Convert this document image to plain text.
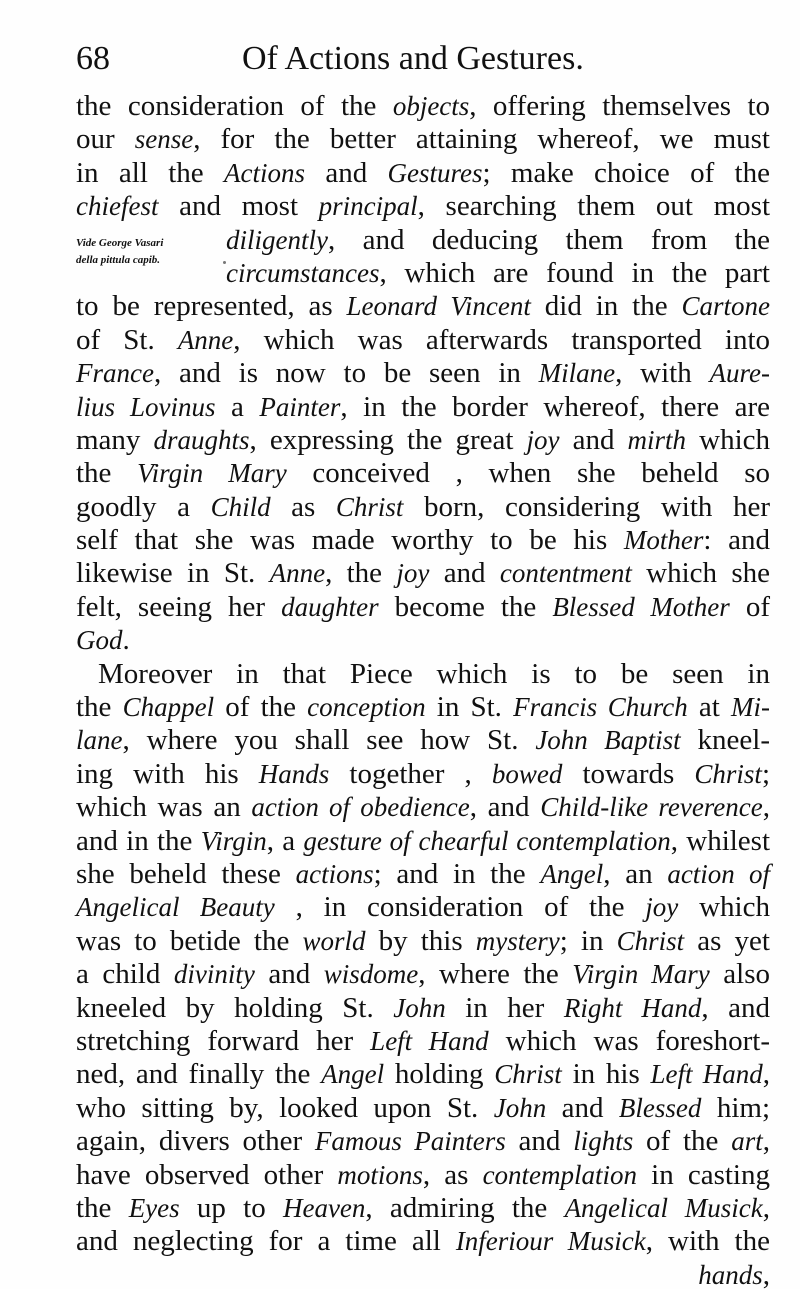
68	Of Actions and Gestures.
Vide George Vasari
della pittula capib.
the consideration of the objects, offering themselves to
our sense, for the better attaining whereof, we must
in all the Actions and Gestures; make choice of the
chiefest and most principal, searching them out most
diligently, and deducing them from the
circumstances, which are found in the part
to be represented, as Leonard Vincent did in the Cartone
of St. Anne, which was afterwards transported into
France, and is now to be seen in Milane, with Aure-
lius Lovinus a Painter, in the border whereof, there are
many draughts, expressing the great joy and mirth which
the Virgin Mary conceived , when she beheld so
goodly a Child as Christ born, considering with her
self that she was made worthy to be his Mother: and
likewise in St. Anne, the joy and contentment which she
felt, seeing her daughter become the Blessed Mother of
God.
Moreover in that Piece which is to be seen in
the Chappel of the conception in St. Francis Church at Mi-
lane, where you shall see how St. John Baptist kneel-
ing with his Hands together , bowed towards Christ;
which was an action of obedience, and Child-like reverence,
and in the Virgin, a gesture of chearful contemplation, whilest
she beheld these actions; and in the Angel, an action of
Angelical Beauty , in consideration of the joy which
was to betide the world by this mystery; in Christ as yet
a child divinity and wisdome, where the Virgin Mary also
kneeled by holding St. John in her Right Hand, and
stretching forward her Left Hand which was foreshort-
ned, and finally the Angel holding Christ in his Left Hand,
who sitting by, looked upon St. John and Blessed him;
again, divers other Famous Painters and lights of the art,
have observed other motions, as contemplation in casting
the Eyes up to Heaven, admiring the Angelical Musick,
and neglecting for a time all Inferiour Musick, with the
hands,
